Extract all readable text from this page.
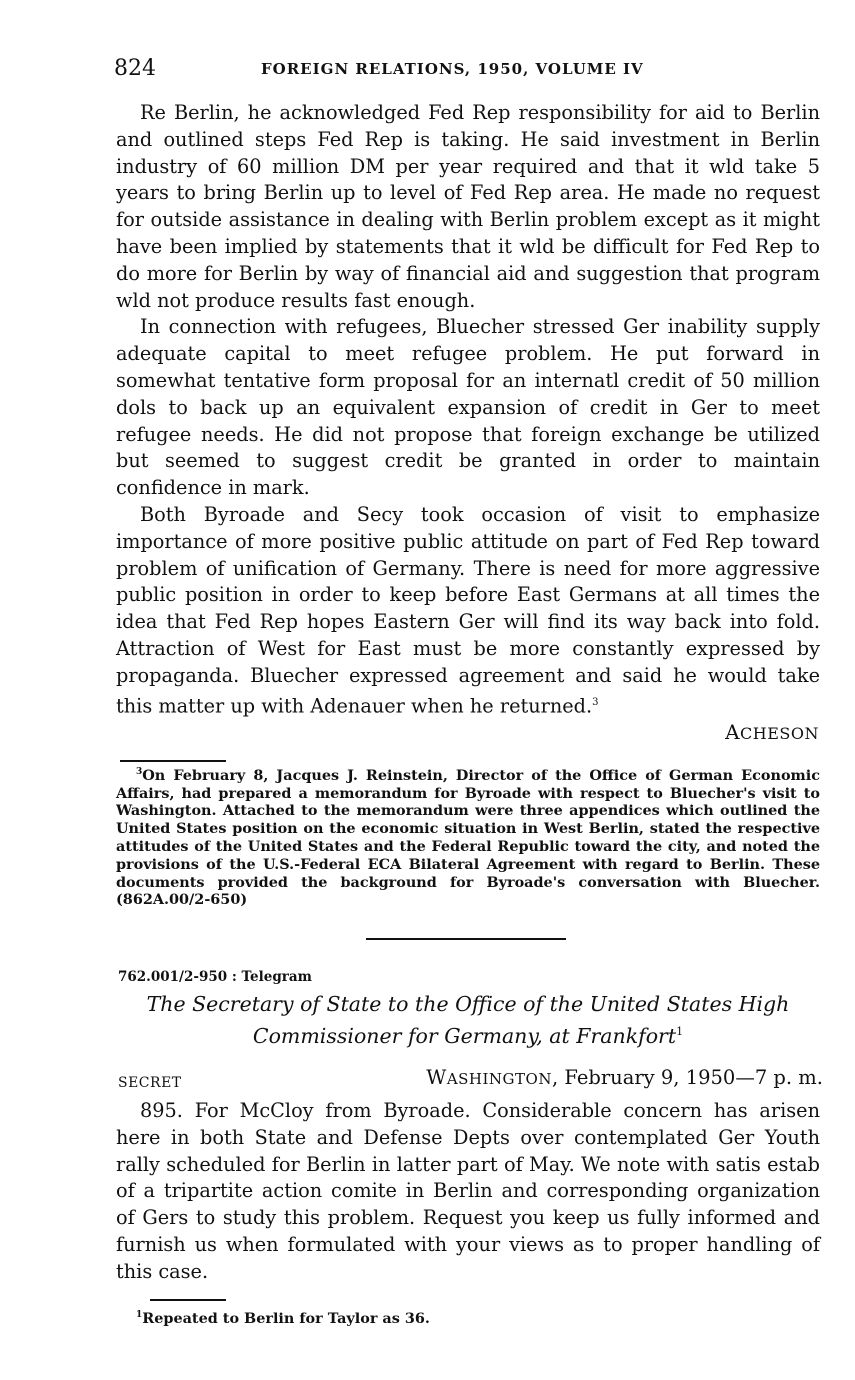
824	FOREIGN RELATIONS, 1950, VOLUME IV

Re Berlin, he acknowledged Fed Rep responsibility for aid to Berlin and outlined steps Fed Rep is taking. He said investment in Berlin industry of 60 million DM per year required and that it wld take 5 years to bring Berlin up to level of Fed Rep area. He made no request for outside assistance in dealing with Berlin problem except as it might have been implied by statements that it wld be difficult for Fed Rep to do more for Berlin by way of financial aid and suggestion that program wld not produce results fast enough.

In connection with refugees, Bluecher stressed Ger inability supply adequate capital to meet refugee problem. He put forward in somewhat tentative form proposal for an internatl credit of 50 million dols to back up an equivalent expansion of credit in Ger to meet refugee needs. He did not propose that foreign exchange be utilized but seemed to suggest credit be granted in order to maintain confidence in mark.

Both Byroade and Secy took occasion of visit to emphasize importance of more positive public attitude on part of Fed Rep toward problem of unification of Germany. There is need for more aggressive public position in order to keep before East Germans at all times the idea that Fed Rep hopes Eastern Ger will find its way back into fold. Attraction of West for East must be more constantly expressed by propaganda. Bluecher expressed agreement and said he would take this matter up with Adenauer when he returned.$^3$

ACHESON

$^3$On February 8, Jacques J. Reinstein, Director of the Office of German Economic Affairs, had prepared a memorandum for Byroade with respect to Bluecher's visit to Washington. Attached to the memorandum were three appendices which outlined the United States position on the economic situation in West Berlin, stated the respective attitudes of the United States and the Federal Republic toward the city, and noted the provisions of the U.S.-Federal ECA Bilateral Agreement with regard to Berlin. These documents provided the background for Byroade's conversation with Bluecher. (862A.00/2-650)

762.001/2-950 : Telegram
The Secretary of State to the Office of the United States High
Commissioner for Germany, at Frankfort$^1$
SECRET	WASHINGTON, February 9, 1950—7 p. m.

895. For McCloy from Byroade. Considerable concern has arisen here in both State and Defense Depts over contemplated Ger Youth rally scheduled for Berlin in latter part of May. We note with satis estab of a tripartite action comite in Berlin and corresponding organization of Gers to study this problem. Request you keep us fully informed and furnish us when formulated with your views as to proper handling of this case.

$^1$Repeated to Berlin for Taylor as 36.
